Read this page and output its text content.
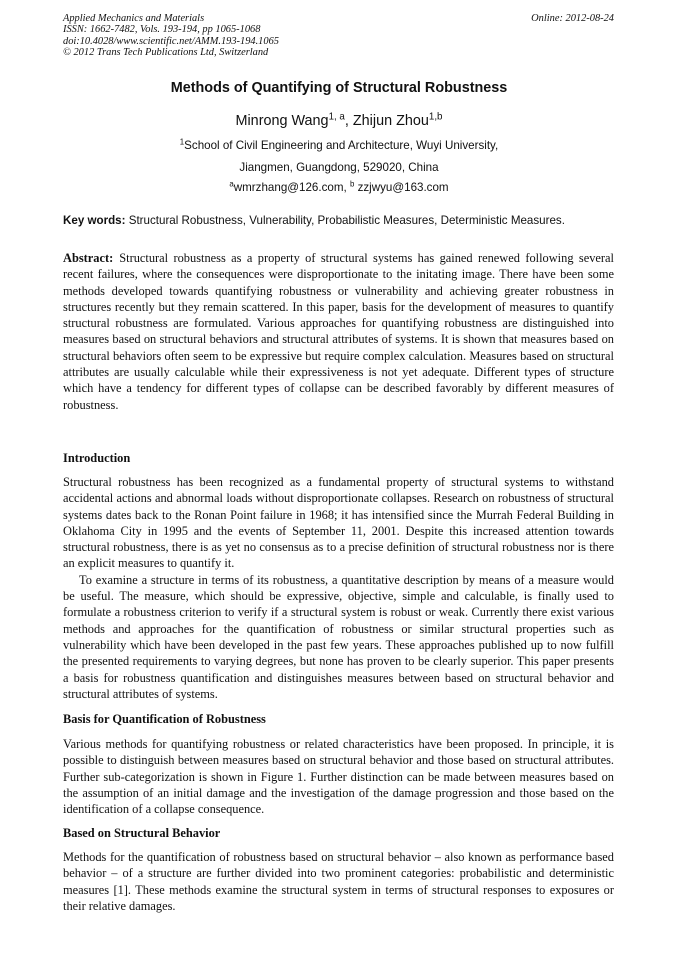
Applied Mechanics and Materials
ISSN: 1662-7482, Vols. 193-194, pp 1065-1068
doi:10.4028/www.scientific.net/AMM.193-194.1065
© 2012 Trans Tech Publications Ltd, Switzerland
Online: 2012-08-24
Methods of Quantifying of Structural Robustness
Minrong Wang$^{1, a}$, Zhijun Zhou$^{1,b}$
$^1$School of Civil Engineering and Architecture, Wuyi University,
Jiangmen, Guangdong, 529020, China
$^a$wmrzhang@126.com, $^b$ zzjwyu@163.com
Key words: Structural Robustness, Vulnerability, Probabilistic Measures, Deterministic Measures.

Abstract: Structural robustness as a property of structural systems has gained renewed following several recent failures, where the consequences were disproportionate to the initating image. There have been some methods developed towards quantifying robustness or vulnerability and achieving greater robustness in structures recently but they remain scattered. In this paper, basis for the development of measures to quantify structural robustness are formulated. Various approaches for quantifying robustness are distinguished into measures based on structural behaviors and structural attributes of systems. It is shown that measures based on structural behaviors often seem to be expressive but require complex calculation. Measures based on structural attributes are usually calculable while their expressiveness is not yet adequate. Different types of structure which have a tendency for different types of collapse can be described favorably by different measures of robustness.

Introduction

Structural robustness has been recognized as a fundamental property of structural systems to withstand accidental actions and abnormal loads without disproportionate collapses. Research on robustness of structural systems dates back to the Ronan Point failure in 1968; it has intensified since the Murrah Federal Building in Oklahoma City in 1995 and the events of September 11, 2001. Despite this increased attention towards structural robustness, there is as yet no consensus as to a precise definition of structural robustness nor is there an explicit measures to quantify it.

To examine a structure in terms of its robustness, a quantitative description by means of a measure would be useful. The measure, which should be expressive, objective, simple and calculable, is finally used to formulate a robustness criterion to verify if a structural system is robust or weak. Currently there exist various methods and approaches for the quantification of robustness or similar structural properties such as vulnerability which have been developed in the past few years. These approaches published up to now fulfill the presented requirements to varying degrees, but none has proven to be clearly superior. This paper presents a basis for robustness quantification and distinguishes measures between based on structural behavior and structural attributes of systems.

Basis for Quantification of Robustness

Various methods for quantifying robustness or related characteristics have been proposed. In principle, it is possible to distinguish between measures based on structural behavior and those based on structural attributes. Further sub-categorization is shown in Figure 1. Further distinction can be made between measures based on the assumption of an initial damage and the investigation of the damage progression and those based on the identification of a collapse consequence.

Based on Structural Behavior

Methods for the quantification of robustness based on structural behavior – also known as performance based behavior – of a structure are further divided into two prominent categories: probabilistic and deterministic measures [1]. These methods examine the structural system in terms of structural responses to exposures or their relative damages.
